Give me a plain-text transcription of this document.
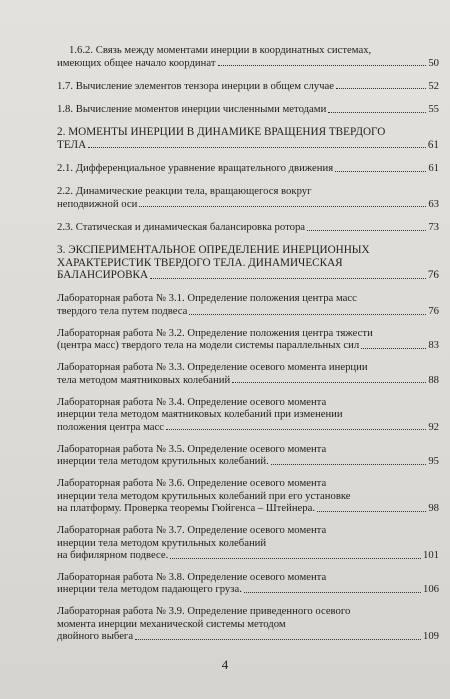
1.6.2. Связь между моментами инерции в координатных системах,
имеющих общее начало координат	50
1.7. Вычисление элементов тензора инерции в общем случае	52
1.8. Вычисление моментов инерции численными методами	55
2. МОМЕНТЫ ИНЕРЦИИ В ДИНАМИКЕ ВРАЩЕНИЯ ТВЕРДОГО
ТЕЛА	61
2.1. Дифференциальное уравнение вращательного движения	61
2.2. Динамические реакции тела, вращающегося вокруг
неподвижной оси	63
2.3. Статическая и динамическая балансировка ротора	73
3. ЭКСПЕРИМЕНТАЛЬНОЕ ОПРЕДЕЛЕНИЕ ИНЕРЦИОННЫХ
ХАРАКТЕРИСТИК ТВЕРДОГО ТЕЛА. ДИНАМИЧЕСКАЯ
БАЛАНСИРОВКА	76
Лабораторная работа № 3.1. Определение положения центра масс
твердого тела путем подвеса	76
Лабораторная работа № 3.2. Определение положения центра тяжести
(центра масс) твердого тела на модели системы параллельных сил	83
Лабораторная работа № 3.3. Определение осевого момента инерции
тела методом маятниковых колебаний	88
Лабораторная работа № 3.4. Определение осевого момента
инерции тела методом маятниковых колебаний при изменении
положения центра масс	92
Лабораторная работа № 3.5. Определение осевого момента
инерции тела методом крутильных колебаний.	95
Лабораторная работа № 3.6. Определение осевого момента
инерции тела методом крутильных колебаний при его установке
на платформу. Проверка теоремы Гюйгенса – Штейнера.	98
Лабораторная работа № 3.7. Определение осевого момента
инерции тела методом крутильных колебаний
на бифилярном подвесе.	101
Лабораторная работа № 3.8. Определение осевого момента
инерции тела методом падающего груза.	106
Лабораторная работа № 3.9. Определение приведенного осевого
момента инерции механической системы методом
двойного выбега	109
4
